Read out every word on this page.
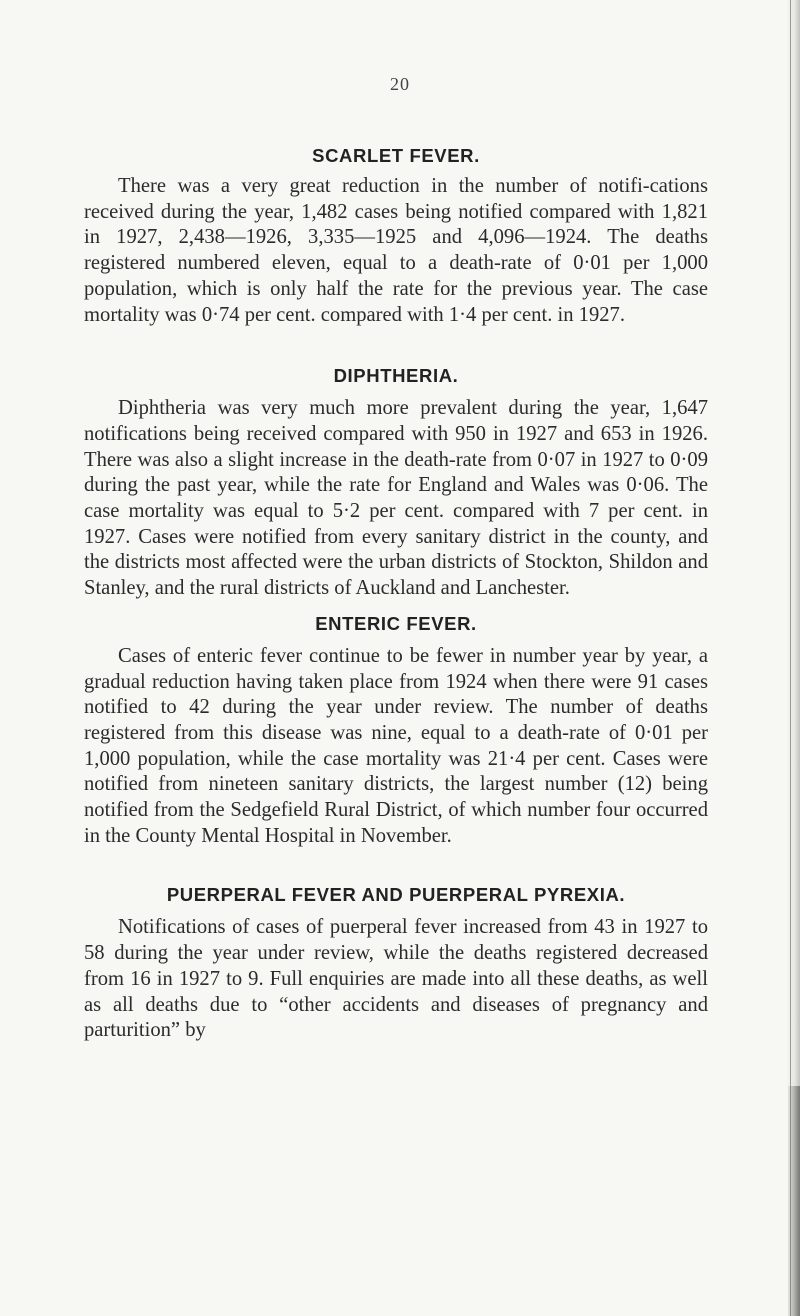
20
SCARLET FEVER.

There was a very great reduction in the number of notifi-cations received during the year, 1,482 cases being notified compared with 1,821 in 1927, 2,438—1926, 3,335—1925 and 4,096—1924. The deaths registered numbered eleven, equal to a death-rate of 0·01 per 1,000 population, which is only half the rate for the previous year. The case mortality was 0·74 per cent. compared with 1·4 per cent. in 1927.

DIPHTHERIA.

Diphtheria was very much more prevalent during the year, 1,647 notifications being received compared with 950 in 1927 and 653 in 1926. There was also a slight increase in the death-rate from 0·07 in 1927 to 0·09 during the past year, while the rate for England and Wales was 0·06. The case mortality was equal to 5·2 per cent. compared with 7 per cent. in 1927. Cases were notified from every sanitary district in the county, and the districts most affected were the urban districts of Stockton, Shildon and Stanley, and the rural districts of Auckland and Lanchester.

ENTERIC FEVER.

Cases of enteric fever continue to be fewer in number year by year, a gradual reduction having taken place from 1924 when there were 91 cases notified to 42 during the year under review. The number of deaths registered from this disease was nine, equal to a death-rate of 0·01 per 1,000 population, while the case mortality was 21·4 per cent. Cases were notified from nineteen sanitary districts, the largest number (12) being notified from the Sedgefield Rural District, of which number four occurred in the County Mental Hospital in November.

PUERPERAL FEVER AND PUERPERAL PYREXIA.

Notifications of cases of puerperal fever increased from 43 in 1927 to 58 during the year under review, while the deaths registered decreased from 16 in 1927 to 9. Full enquiries are made into all these deaths, as well as all deaths due to “other accidents and diseases of pregnancy and parturition” by
